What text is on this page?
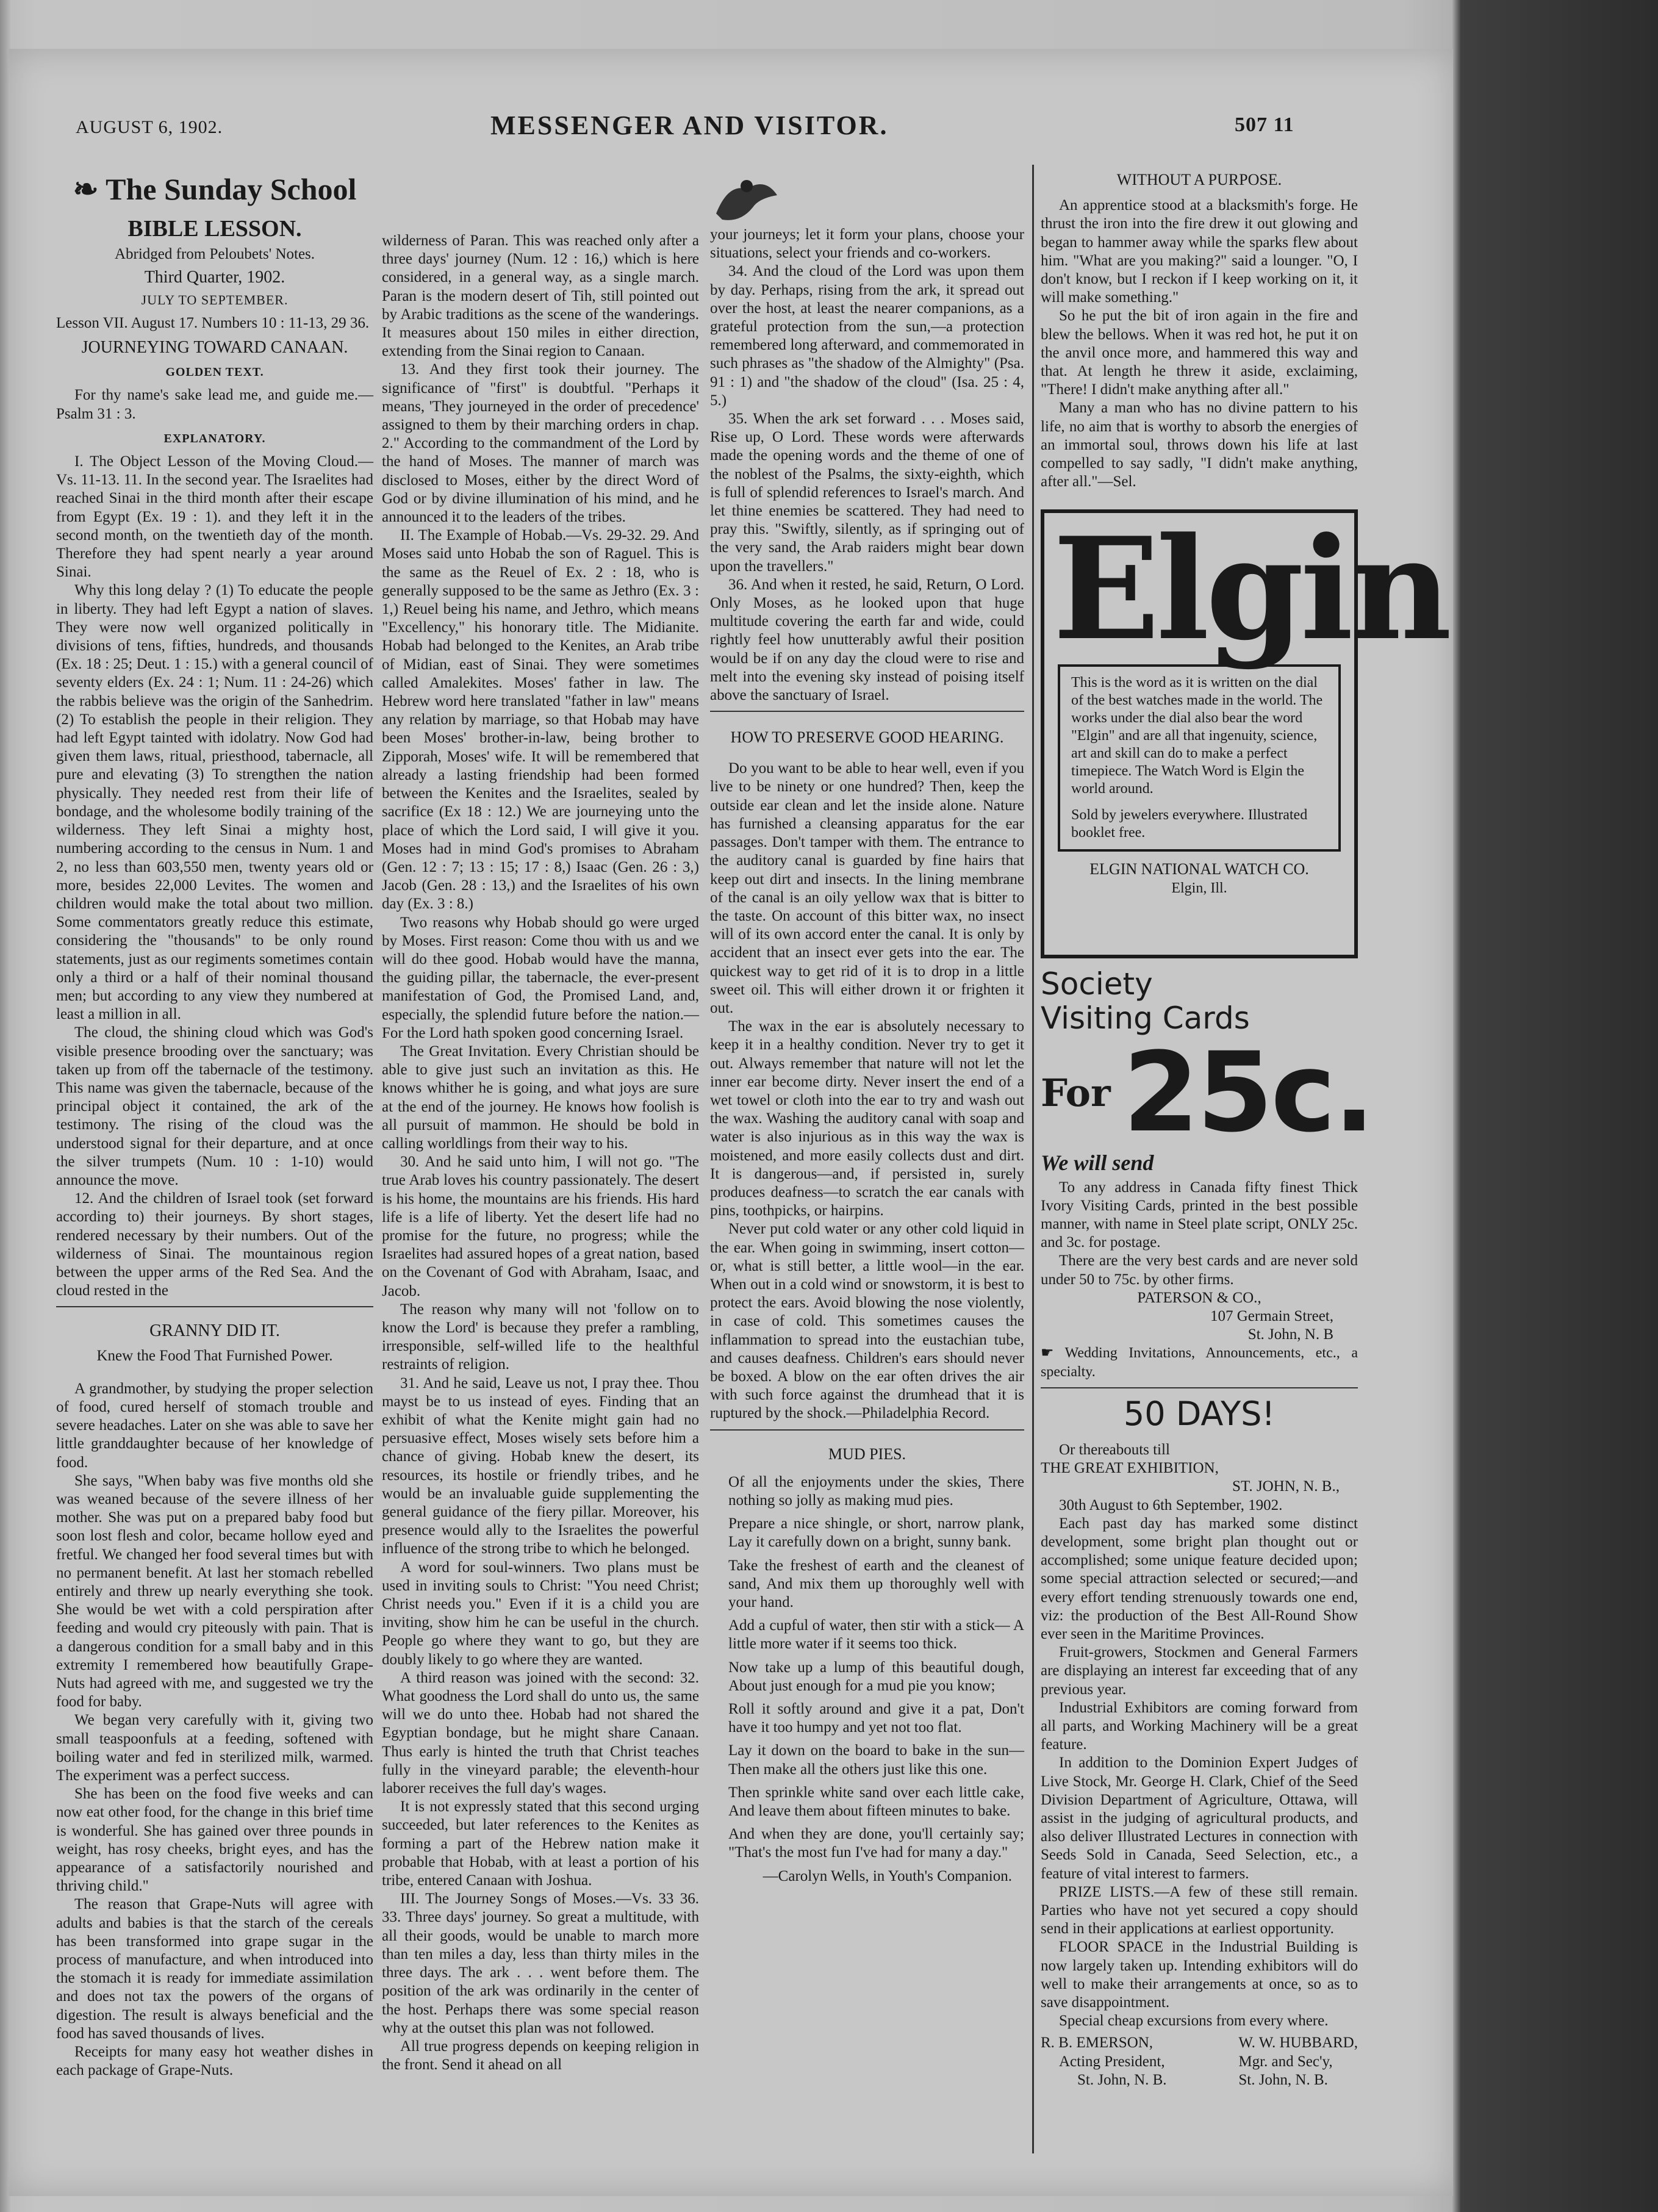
AUGUST 6, 1902.	MESSENGER AND VISITOR.	507 11
❧ The Sunday School
BIBLE LESSON.
Abridged from Peloubets' Notes.
Third Quarter, 1902.
JULY TO SEPTEMBER.

Lesson VII. August 17. Numbers 10 : 11-13, 29 36.

JOURNEYING TOWARD CANAAN.
GOLDEN TEXT.

For thy name's sake lead me, and guide me.—Psalm 31 : 3.

EXPLANATORY.

I. The Object Lesson of the Moving Cloud.—Vs. 11-13. 11. In the second year. The Israelites had reached Sinai in the third month after their escape from Egypt (Ex. 19 : 1). and they left it in the second month, on the twentieth day of the month. Therefore they had spent nearly a year around Sinai.

Why this long delay ? (1) To educate the people in liberty. They had left Egypt a nation of slaves. They were now well organized politically in divisions of tens, fifties, hundreds, and thousands (Ex. 18 : 25; Deut. 1 : 15.) with a general council of seventy elders (Ex. 24 : 1; Num. 11 : 24-26) which the rabbis believe was the origin of the Sanhedrim. (2) To establish the people in their religion. They had left Egypt tainted with idolatry. Now God had given them laws, ritual, priesthood, tabernacle, all pure and elevating (3) To strengthen the nation physically. They needed rest from their life of bondage, and the wholesome bodily training of the wilderness. They left Sinai a mighty host, numbering according to the census in Num. 1 and 2, no less than 603,550 men, twenty years old or more, besides 22,000 Levites. The women and children would make the total about two million. Some commentators greatly reduce this estimate, considering the "thousands" to be only round statements, just as our regiments sometimes contain only a third or a half of their nominal thousand men; but according to any view they numbered at least a million in all.

The cloud, the shining cloud which was God's visible presence brooding over the sanctuary; was taken up from off the tabernacle of the testimony. This name was given the tabernacle, because of the principal object it contained, the ark of the testimony. The rising of the cloud was the understood signal for their departure, and at once the silver trumpets (Num. 10 : 1-10) would announce the move.

12. And the children of Israel took (set forward according to) their journeys. By short stages, rendered necessary by their numbers. Out of the wilderness of Sinai. The mountainous region between the upper arms of the Red Sea. And the cloud rested in the

GRANNY DID IT.
Knew the Food That Furnished Power.

A grandmother, by studying the proper selection of food, cured herself of stomach trouble and severe headaches. Later on she was able to save her little granddaughter because of her knowledge of food.

She says, "When baby was five months old she was weaned because of the severe illness of her mother. She was put on a prepared baby food but soon lost flesh and color, became hollow eyed and fretful. We changed her food several times but with no permanent benefit. At last her stomach rebelled entirely and threw up nearly everything she took. She would be wet with a cold perspiration after feeding and would cry piteously with pain. That is a dangerous condition for a small baby and in this extremity I remembered how beautifully Grape-Nuts had agreed with me, and suggested we try the food for baby.

We began very carefully with it, giving two small teaspoonfuls at a feeding, softened with boiling water and fed in sterilized milk, warmed. The experiment was a perfect success.

She has been on the food five weeks and can now eat other food, for the change in this brief time is wonderful. She has gained over three pounds in weight, has rosy cheeks, bright eyes, and has the appearance of a satisfactorily nourished and thriving child."

The reason that Grape-Nuts will agree with adults and babies is that the starch of the cereals has been transformed into grape sugar in the process of manufacture, and when introduced into the stomach it is ready for immediate assimilation and does not tax the powers of the organs of digestion. The result is always beneficial and the food has saved thousands of lives.

Receipts for many easy hot weather dishes in each package of Grape-Nuts.

wilderness of Paran. This was reached only after a three days' journey (Num. 12 : 16,) which is here considered, in a general way, as a single march. Paran is the modern desert of Tih, still pointed out by Arabic traditions as the scene of the wanderings. It measures about 150 miles in either direction, extending from the Sinai region to Canaan.

13. And they first took their journey. The significance of "first" is doubtful. "Perhaps it means, 'They journeyed in the order of precedence' assigned to them by their marching orders in chap. 2." According to the commandment of the Lord by the hand of Moses. The manner of march was disclosed to Moses, either by the direct Word of God or by divine illumination of his mind, and he announced it to the leaders of the tribes.

II. The Example of Hobab.—Vs. 29-32. 29. And Moses said unto Hobab the son of Raguel. This is the same as the Reuel of Ex. 2 : 18, who is generally supposed to be the same as Jethro (Ex. 3 : 1,) Reuel being his name, and Jethro, which means "Excellency," his honorary title. The Midianite. Hobab had belonged to the Kenites, an Arab tribe of Midian, east of Sinai. They were sometimes called Amalekites. Moses' father in law. The Hebrew word here translated "father in law" means any relation by marriage, so that Hobab may have been Moses' brother-in-law, being brother to Zipporah, Moses' wife. It will be remembered that already a lasting friendship had been formed between the Kenites and the Israelites, sealed by sacrifice (Ex 18 : 12.) We are journeying unto the place of which the Lord said, I will give it you. Moses had in mind God's promises to Abraham (Gen. 12 : 7; 13 : 15; 17 : 8,) Isaac (Gen. 26 : 3,) Jacob (Gen. 28 : 13,) and the Israelites of his own day (Ex. 3 : 8.)

Two reasons why Hobab should go were urged by Moses. First reason: Come thou with us and we will do thee good. Hobab would have the manna, the guiding pillar, the tabernacle, the ever-present manifestation of God, the Promised Land, and, especially, the splendid future before the nation.—For the Lord hath spoken good concerning Israel.

The Great Invitation. Every Christian should be able to give just such an invitation as this. He knows whither he is going, and what joys are sure at the end of the journey. He knows how foolish is all pursuit of mammon. He should be bold in calling worldlings from their way to his.

30. And he said unto him, I will not go. "The true Arab loves his country passionately. The desert is his home, the mountains are his friends. His hard life is a life of liberty. Yet the desert life had no promise for the future, no progress; while the Israelites had assured hopes of a great nation, based on the Covenant of God with Abraham, Isaac, and Jacob.

The reason why many will not 'follow on to know the Lord' is because they prefer a rambling, irresponsible, self-willed life to the healthful restraints of religion.

31. And he said, Leave us not, I pray thee. Thou mayst be to us instead of eyes. Finding that an exhibit of what the Kenite might gain had no persuasive effect, Moses wisely sets before him a chance of giving. Hobab knew the desert, its resources, its hostile or friendly tribes, and he would be an invaluable guide supplementing the general guidance of the fiery pillar. Moreover, his presence would ally to the Israelites the powerful influence of the strong tribe to which he belonged.

A word for soul-winners. Two plans must be used in inviting souls to Christ: "You need Christ; Christ needs you." Even if it is a child you are inviting, show him he can be useful in the church. People go where they want to go, but they are doubly likely to go where they are wanted.

A third reason was joined with the second: 32. What goodness the Lord shall do unto us, the same will we do unto thee. Hobab had not shared the Egyptian bondage, but he might share Canaan. Thus early is hinted the truth that Christ teaches fully in the vineyard parable; the eleventh-hour laborer receives the full day's wages.

It is not expressly stated that this second urging succeeded, but later references to the Kenites as forming a part of the Hebrew nation make it probable that Hobab, with at least a portion of his tribe, entered Canaan with Joshua.

III. The Journey Songs of Moses.—Vs. 33 36. 33. Three days' journey. So great a multitude, with all their goods, would be unable to march more than ten miles a day, less than thirty miles in the three days. The ark . . . went before them. The position of the ark was ordinarily in the center of the host. Perhaps there was some special reason why at the outset this plan was not followed.

All true progress depends on keeping religion in the front. Send it ahead on all

your journeys; let it form your plans, choose your situations, select your friends and co-workers.

34. And the cloud of the Lord was upon them by day. Perhaps, rising from the ark, it spread out over the host, at least the nearer companions, as a grateful protection from the sun,—a protection remembered long afterward, and commemorated in such phrases as "the shadow of the Almighty" (Psa. 91 : 1) and "the shadow of the cloud" (Isa. 25 : 4, 5.)

35. When the ark set forward . . . Moses said, Rise up, O Lord. These words were afterwards made the opening words and the theme of one of the noblest of the Psalms, the sixty-eighth, which is full of splendid references to Israel's march. And let thine enemies be scattered. They had need to pray this. "Swiftly, silently, as if springing out of the very sand, the Arab raiders might bear down upon the travellers."

36. And when it rested, he said, Return, O Lord. Only Moses, as he looked upon that huge multitude covering the earth far and wide, could rightly feel how unutterably awful their position would be if on any day the cloud were to rise and melt into the evening sky instead of poising itself above the sanctuary of Israel.

HOW TO PRESERVE GOOD HEARING.

Do you want to be able to hear well, even if you live to be ninety or one hundred? Then, keep the outside ear clean and let the inside alone. Nature has furnished a cleansing apparatus for the ear passages. Don't tamper with them. The entrance to the auditory canal is guarded by fine hairs that keep out dirt and insects. In the lining membrane of the canal is an oily yellow wax that is bitter to the taste. On account of this bitter wax, no insect will of its own accord enter the canal. It is only by accident that an insect ever gets into the ear. The quickest way to get rid of it is to drop in a little sweet oil. This will either drown it or frighten it out.

The wax in the ear is absolutely necessary to keep it in a healthy condition. Never try to get it out. Always remember that nature will not let the inner ear become dirty. Never insert the end of a wet towel or cloth into the ear to try and wash out the wax. Washing the auditory canal with soap and water is also injurious as in this way the wax is moistened, and more easily collects dust and dirt. It is dangerous—and, if persisted in, surely produces deafness—to scratch the ear canals with pins, toothpicks, or hairpins.

Never put cold water or any other cold liquid in the ear. When going in swimming, insert cotton—or, what is still better, a little wool—in the ear. When out in a cold wind or snowstorm, it is best to protect the ears. Avoid blowing the nose violently, in case of cold. This sometimes causes the inflammation to spread into the eustachian tube, and causes deafness. Children's ears should never be boxed. A blow on the ear often drives the air with such force against the drumhead that it is ruptured by the shock.—Philadelphia Record.

MUD PIES.

Of all the enjoyments under the skies, There nothing so jolly as making mud pies.

Prepare a nice shingle, or short, narrow plank, Lay it carefully down on a bright, sunny bank.

Take the freshest of earth and the cleanest of sand, And mix them up thoroughly well with your hand.

Add a cupful of water, then stir with a stick— A little more water if it seems too thick.

Now take up a lump of this beautiful dough, About just enough for a mud pie you know;

Roll it softly around and give it a pat, Don't have it too humpy and yet not too flat.

Lay it down on the board to bake in the sun— Then make all the others just like this one.

Then sprinkle white sand over each little cake, And leave them about fifteen minutes to bake.

And when they are done, you'll certainly say; "That's the most fun I've had for many a day."

—Carolyn Wells, in Youth's Companion.
WITHOUT A PURPOSE.

An apprentice stood at a blacksmith's forge. He thrust the iron into the fire drew it out glowing and began to hammer away while the sparks flew about him. "What are you making?" said a lounger. "O, I don't know, but I reckon if I keep working on it, it will make something."

So he put the bit of iron again in the fire and blew the bellows. When it was red hot, he put it on the anvil once more, and hammered this way and that. At length he threw it aside, exclaiming, "There! I didn't make anything after all."

Many a man who has no divine pattern to his life, no aim that is worthy to absorb the energies of an immortal soul, throws down his life at last compelled to say sadly, "I didn't make anything, after all."—Sel.

Elgin

This is the word as it is written on the dial of the best watches made in the world. The works under the dial also bear the word "Elgin" and are all that ingenuity, science, art and skill can do to make a perfect timepiece. The Watch Word is Elgin the world around.

Sold by jewelers everywhere. Illustrated booklet free.

ELGIN NATIONAL WATCH CO.
Elgin, Ill.
Society
Visiting Cards
For 25c.
We will send

To any address in Canada fifty finest Thick Ivory Visiting Cards, printed in the best possible manner, with name in Steel plate script, ONLY 25c. and 3c. for postage.

There are the very best cards and are never sold under 50 to 75c. by other firms.

PATERSON & CO.,
107 Germain Street,
St. John, N. B
☛ Wedding Invitations, Announcements, etc., a specialty.
50 DAYS!

Or thereabouts till

THE GREAT EXHIBITION,

ST. JOHN, N. B.,

30th August to 6th September, 1902.

Each past day has marked some distinct development, some bright plan thought out or accomplished; some unique feature decided upon; some special attraction selected or secured;—and every effort tending strenuously towards one end, viz: the production of the Best All-Round Show ever seen in the Maritime Provinces.

Fruit-growers, Stockmen and General Farmers are displaying an interest far exceeding that of any previous year.

Industrial Exhibitors are coming forward from all parts, and Working Machinery will be a great feature.

In addition to the Dominion Expert Judges of Live Stock, Mr. George H. Clark, Chief of the Seed Division Department of Agriculture, Ottawa, will assist in the judging of agricultural products, and also deliver Illustrated Lectures in connection with Seeds Sold in Canada, Seed Selection, etc., a feature of vital interest to farmers.

PRIZE LISTS.—A few of these still remain. Parties who have not yet secured a copy should send in their applications at earliest opportunity.

FLOOR SPACE in the Industrial Building is now largely taken up. Intending exhibitors will do well to make their arrangements at once, so as to save disappointment.

Special cheap excursions from every where.

R. B. EMERSON,
Acting President,
St. John, N. B.
W. W. HUBBARD,
Mgr. and Sec'y,
St. John, N. B.
